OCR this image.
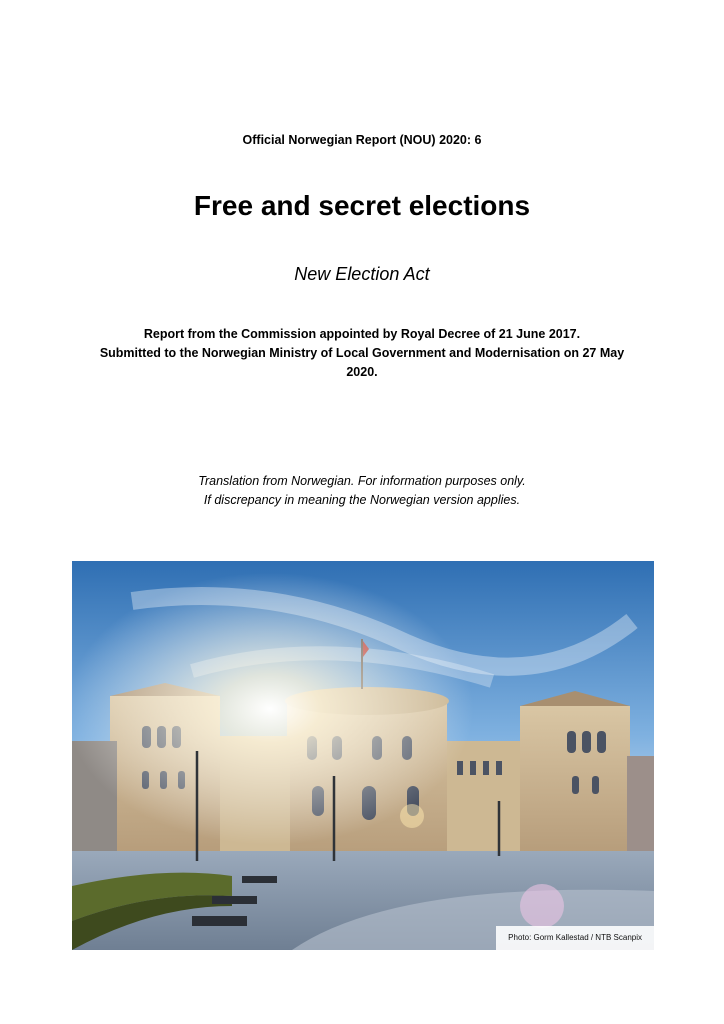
Official Norwegian Report (NOU) 2020: 6
Free and secret elections
New Election Act
Report from the Commission appointed by Royal Decree of 21 June 2017.
Submitted to the Norwegian Ministry of Local Government and Modernisation on 27 May
2020.
Translation from Norwegian. For information purposes only.
If discrepancy in meaning the Norwegian version applies.
Photo: Gorm Kallestad / NTB Scanpix
